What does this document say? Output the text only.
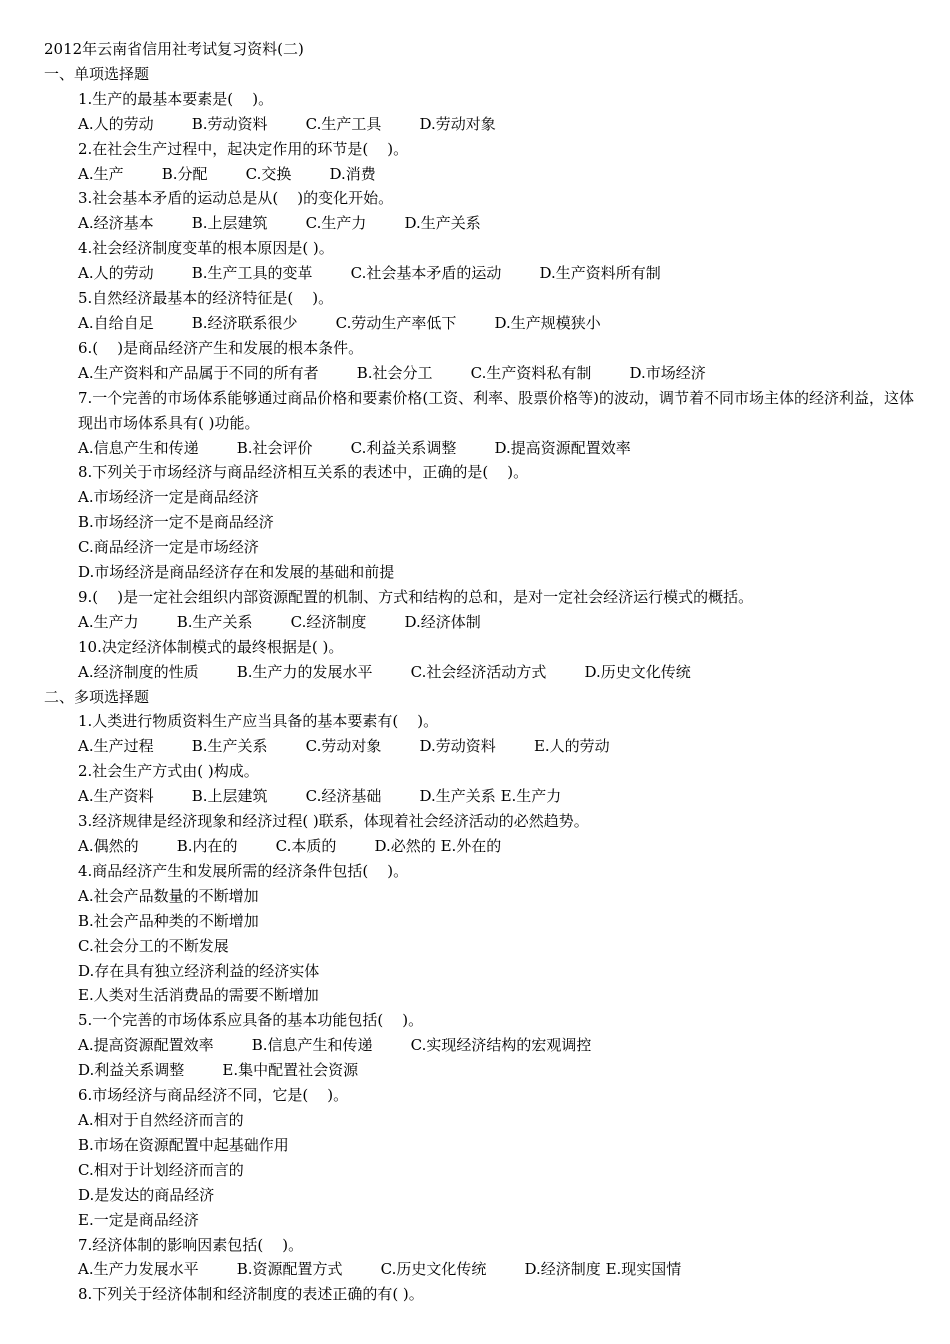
2012年云南省信用社考试复习资料(二)
一、单项选择题
1.生产的最基本要素是(    )。
A.人的劳动        B.劳动资料        C.生产工具        D.劳动对象
2.在社会生产过程中，起决定作用的环节是(    )。
A.生产        B.分配        C.交换        D.消费
3.社会基本矛盾的运动总是从(    )的变化开始。
A.经济基本        B.上层建筑        C.生产力        D.生产关系
4.社会经济制度变革的根本原因是( )。
A.人的劳动        B.生产工具的变革        C.社会基本矛盾的运动        D.生产资料所有制
5.自然经济最基本的经济特征是(    )。
A.自给自足        B.经济联系很少        C.劳动生产率低下        D.生产规模狭小
6.(    )是商品经济产生和发展的根本条件。
A.生产资料和产品属于不同的所有者        B.社会分工        C.生产资料私有制        D.市场经济
7.一个完善的市场体系能够通过商品价格和要素价格(工资、利率、股票价格等)的波动，调节着不同市场主体的经济利益，这体现出市场体系具有( )功能。
A.信息产生和传递        B.社会评价        C.利益关系调整        D.提高资源配置效率
8.下列关于市场经济与商品经济相互关系的表述中，正确的是(    )。
A.市场经济一定是商品经济
B.市场经济一定不是商品经济
C.商品经济一定是市场经济
D.市场经济是商品经济存在和发展的基础和前提
9.(    )是一定社会组织内部资源配置的机制、方式和结构的总和，是对一定社会经济运行模式的概括。
A.生产力        B.生产关系        C.经济制度        D.经济体制
10.决定经济体制模式的最终根据是( )。
A.经济制度的性质        B.生产力的发展水平        C.社会经济活动方式        D.历史文化传统
二、多项选择题
1.人类进行物质资料生产应当具备的基本要素有(    )。
A.生产过程        B.生产关系        C.劳动对象        D.劳动资料        E.人的劳动
2.社会生产方式由( )构成。
A.生产资料        B.上层建筑        C.经济基础        D.生产关系 E.生产力
3.经济规律是经济现象和经济过程( )联系，体现着社会经济活动的必然趋势。
A.偶然的        B.内在的        C.本质的        D.必然的 E.外在的
4.商品经济产生和发展所需的经济条件包括(    )。
A.社会产品数量的不断增加
B.社会产品种类的不断增加
C.社会分工的不断发展
D.存在具有独立经济利益的经济实体
E.人类对生活消费品的需要不断增加
5.一个完善的市场体系应具备的基本功能包括(    )。
A.提高资源配置效率        B.信息产生和传递        C.实现经济结构的宏观调控
D.利益关系调整        E.集中配置社会资源
6.市场经济与商品经济不同，它是(    )。
A.相对于自然经济而言的
B.市场在资源配置中起基础作用
C.相对于计划经济而言的
D.是发达的商品经济
E.一定是商品经济
7.经济体制的影响因素包括(    )。
A.生产力发展水平        B.资源配置方式        C.历史文化传统        D.经济制度 E.现实国情
8.下列关于经济体制和经济制度的表述正确的有( )。
